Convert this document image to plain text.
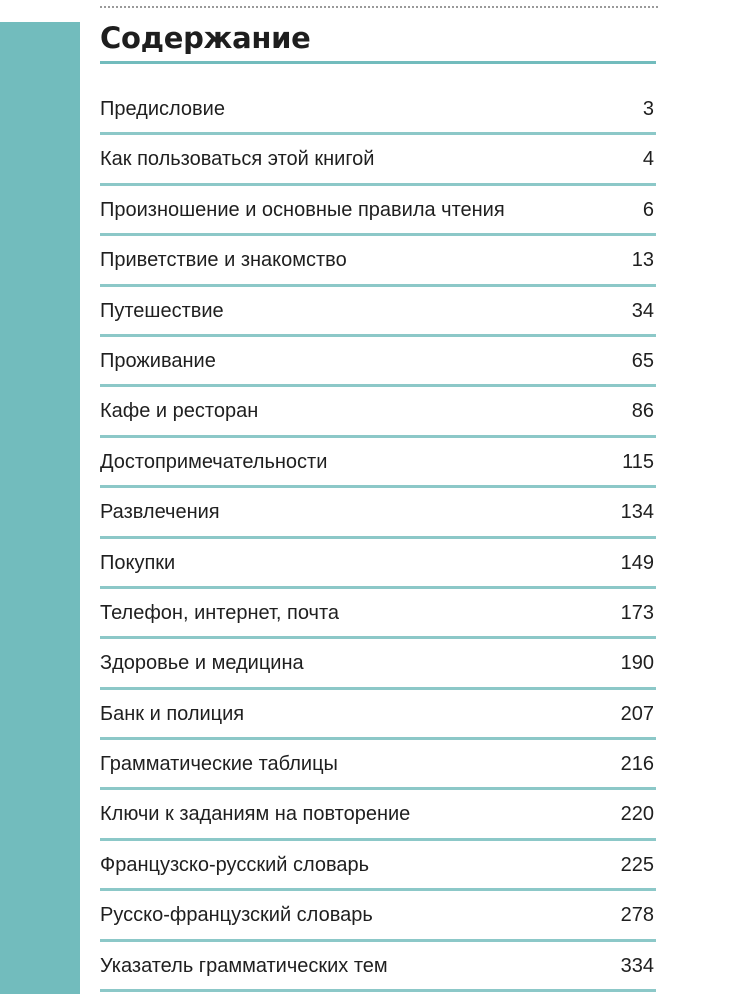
Содержание
Предисловие	3
Как пользоваться этой книгой	4
Произношение и основные правила чтения	6
Приветствие и знакомство	13
Путешествие	34
Проживание	65
Кафе и ресторан	86
Достопримечательности	115
Развлечения	134
Покупки	149
Телефон, интернет, почта	173
Здоровье и медицина	190
Банк и полиция	207
Грамматические таблицы	216
Ключи к заданиям на повторение	220
Французско-русский словарь	225
Русско-французский словарь	278
Указатель грамматических тем	334
